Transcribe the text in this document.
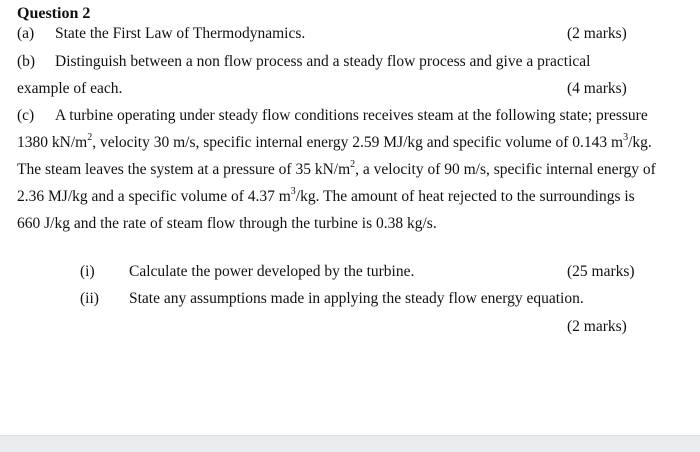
Question 2
(a) State the First Law of Thermodynamics.	(2 marks)
(b) Distinguish between a non flow process and a steady flow process and give a practical
example of each.	(4 marks)
(c) A turbine operating under steady flow conditions receives steam at the following state; pressure
1380 $kN/m^2$, velocity 30 m/s, specific internal energy 2.59 MJ/kg and specific volume of 0.143 $m^3/kg$.
The steam leaves the system at a pressure of 35 $kN/m^2$, a velocity of 90 m/s, specific internal energy of
2.36 MJ/kg and a specific volume of 4.37 $m^3/kg$. The amount of heat rejected to the surroundings is
660 J/kg and the rate of steam flow through the turbine is 0.38 kg/s.
(i) Calculate the power developed by the turbine.	(25 marks)
(ii) State any assumptions made in applying the steady flow energy equation.
(2 marks)
